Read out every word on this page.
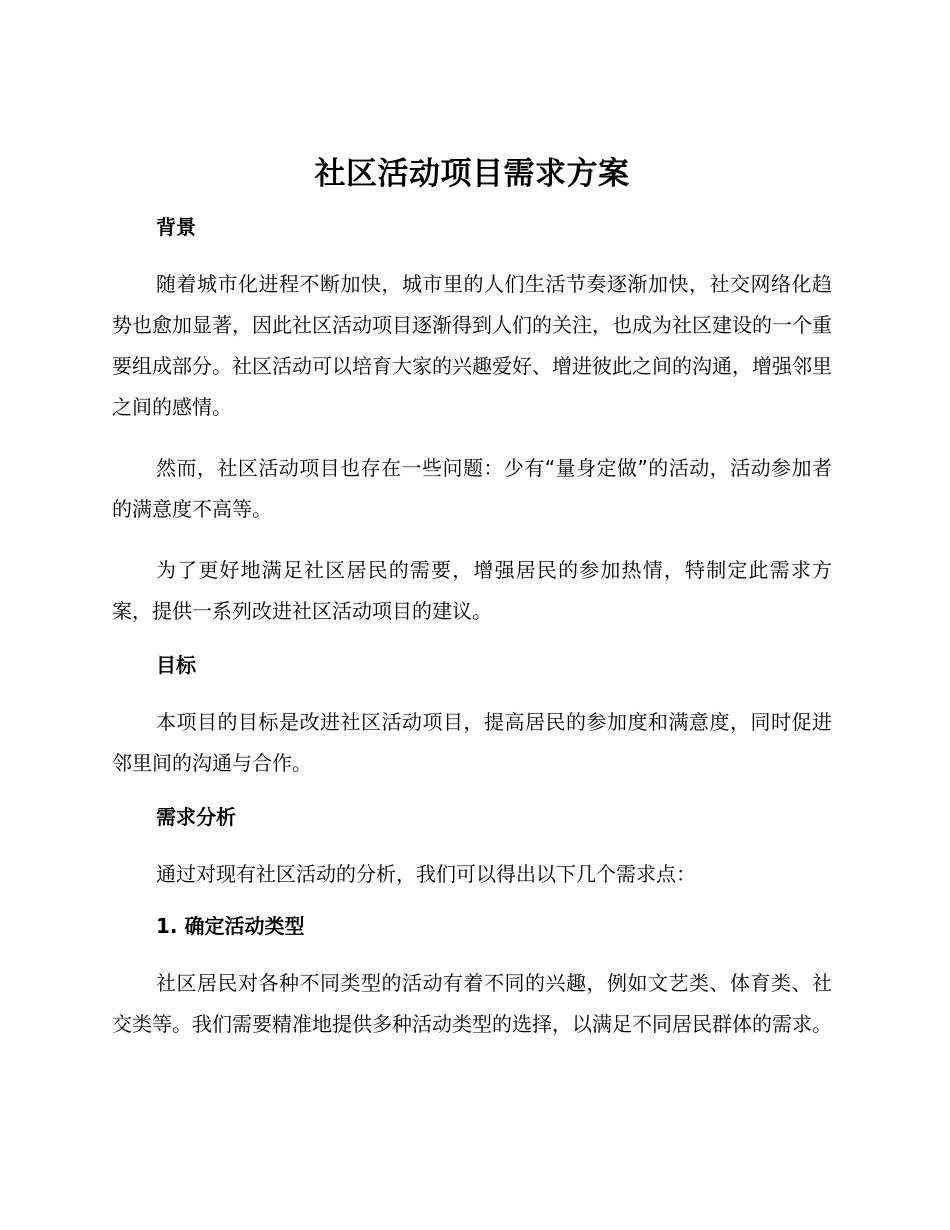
社区活动项目需求方案
背景

随着城市化进程不断加快，城市里的人们生活节奏逐渐加快，社交网络化趋势也愈加显著，因此社区活动项目逐渐得到人们的关注，也成为社区建设的一个重要组成部分。社区活动可以培育大家的兴趣爱好、增进彼此之间的沟通，增强邻里之间的感情。

然而，社区活动项目也存在一些问题：少有“量身定做”的活动，活动参加者的满意度不高等。

为了更好地满足社区居民的需要，增强居民的参加热情，特制定此需求方案，提供一系列改进社区活动项目的建议。

目标

本项目的目标是改进社区活动项目，提高居民的参加度和满意度，同时促进邻里间的沟通与合作。

需求分析

通过对现有社区活动的分析，我们可以得出以下几个需求点：

1. 确定活动类型

社区居民对各种不同类型的活动有着不同的兴趣，例如文艺类、体育类、社交类等。我们需要精准地提供多种活动类型的选择，以满足不同居民群体的需求。
